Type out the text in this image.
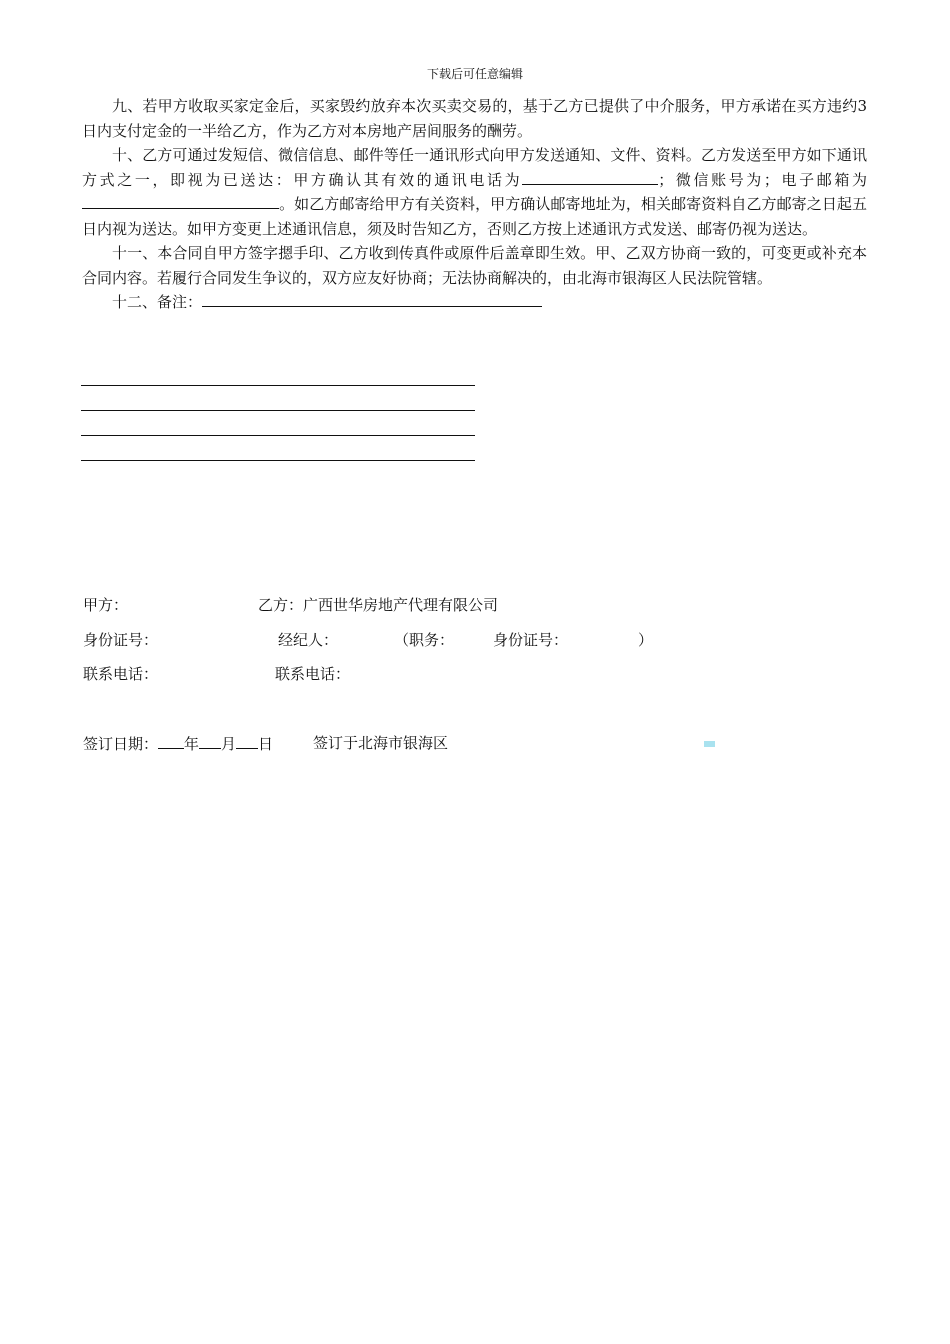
下载后可任意编辑

九、若甲方收取买家定金后，买家毁约放弃本次买卖交易的，基于乙方已提供了中介服务，甲方承诺在买方违约3日内支付定金的一半给乙方，作为乙方对本房地产居间服务的酬劳。

十、乙方可通过发短信、微信信息、邮件等任一通讯形式向甲方发送通知、文件、资料。乙方发送至甲方如下通讯方式之一，即视为已送达：甲方确认其有效的通讯电话为	；微信账号为；电子邮箱为。如乙方邮寄给甲方有关资料，甲方确认邮寄地址为，相关邮寄资料自乙方邮寄之日起五日内视为送达。如甲方变更上述通讯信息，须及时告知乙方，否则乙方按上述通讯方式发送、邮寄仍视为送达。

十一、本合同自甲方签字摁手印、乙方收到传真件或原件后盖章即生效。甲、乙双方协商一致的，可变更或补充本合同内容。若履行合同发生争议的，双方应友好协商；无法协商解决的，由北海市银海区人民法院管辖。

十二、备注：

甲方：	乙方：广西世华房地产代理有限公司
身份证号：	经纪人：	（职务：	身份证号：	）
联系电话：	联系电话：
签订日期： 年 月 日	签订于北海市银海区
